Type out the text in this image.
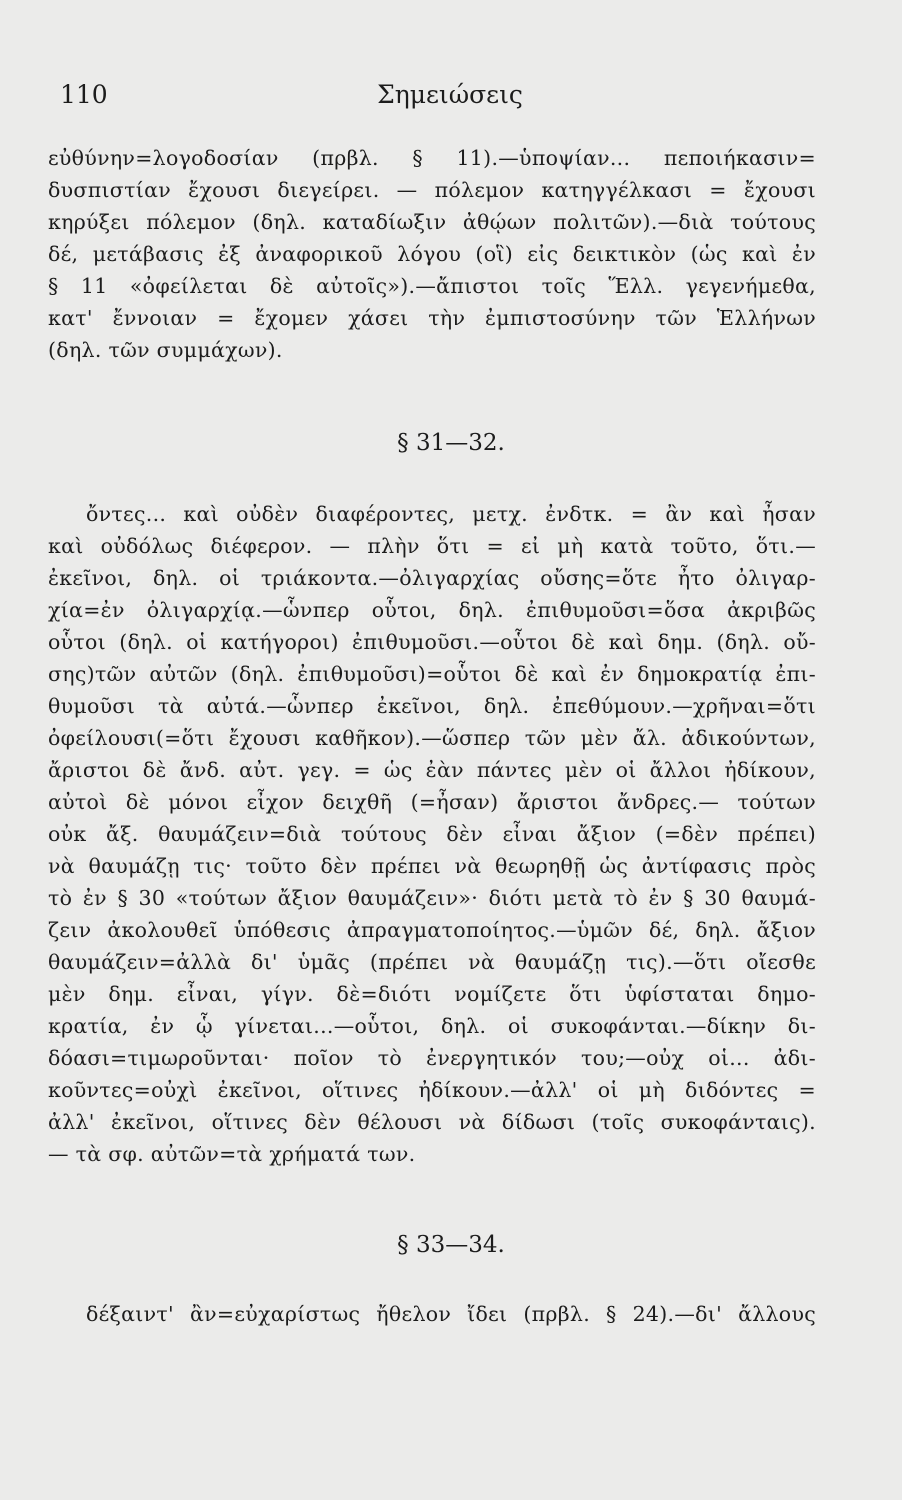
110	Σημειώσεις
εὐθύνην=λογοδοσίαν (πρβλ. § 11).—ὑποψίαν... πεποιήκασιν=
δυσπιστίαν ἔχουσι διεγείρει. — πόλεμον κατηγγέλκασι = ἔχουσι
κηρύξει πόλεμον (δηλ. καταδίωξιν ἀθῴων πολιτῶν).—διὰ τούτους
δέ, μετάβασις ἐξ ἀναφορικοῦ λόγου (οἳ) εἰς δεικτικὸν (ὡς καὶ ἐν
§ 11 «ὀφείλεται δὲ αὐτοῖς»).—ἄπιστοι τοῖς Ἕλλ. γεγενήμεθα,
κατ' ἔννοιαν = ἔχομεν χάσει τὴν ἐμπιστοσύνην τῶν Ἑλλήνων
(δηλ. τῶν συμμάχων).
§ 31—32.
ὄντες... καὶ οὐδὲν διαφέροντες, μετχ. ἐνδτκ. = ἂν καὶ ἦσαν
καὶ οὐδόλως διέφερον. — πλὴν ὅτι = εἰ μὴ κατὰ τοῦτο, ὅτι.—
ἐκεῖνοι, δηλ. οἱ τριάκοντα.—ὀλιγαρχίας οὔσης=ὅτε ἦτο ὀλιγαρ-
χία=ἐν ὀλιγαρχίᾳ.—ὧνπερ οὗτοι, δηλ. ἐπιθυμοῦσι=ὅσα ἀκριβῶς
οὗτοι (δηλ. οἱ κατήγοροι) ἐπιθυμοῦσι.—οὗτοι δὲ καὶ δημ. (δηλ. οὔ-
σης)τῶν αὐτῶν (δηλ. ἐπιθυμοῦσι)=οὗτοι δὲ καὶ ἐν δημοκρατίᾳ ἐπι-
θυμοῦσι τὰ αὐτά.—ὧνπερ ἐκεῖνοι, δηλ. ἐπεθύμουν.—χρῆναι=ὅτι
ὀφείλουσι(=ὅτι ἔχουσι καθῆκον).—ὥσπερ τῶν μὲν ἄλ. ἀδικούντων,
ἄριστοι δὲ ἄνδ. αὐτ. γεγ. = ὡς ἐὰν πάντες μὲν οἱ ἄλλοι ἠδίκουν,
αὐτοὶ δὲ μόνοι εἶχον δειχθῆ (=ἦσαν) ἄριστοι ἄνδρες.— τούτων
οὐκ ἄξ. θαυμάζειν=διὰ τούτους δὲν εἶναι ἄξιον (=δὲν πρέπει)
νὰ θαυμάζῃ τις· τοῦτο δὲν πρέπει νὰ θεωρηθῇ ὡς ἀντίφασις πρὸς
τὸ ἐν § 30 «τούτων ἄξιον θαυμάζειν»· διότι μετὰ τὸ ἐν § 30 θαυμά-
ζειν ἀκολουθεῖ ὑπόθεσις ἀπραγματοποίητος.—ὑμῶν δέ, δηλ. ἄξιον
θαυμάζειν=ἀλλὰ δι' ὑμᾶς (πρέπει νὰ θαυμάζῃ τις).—ὅτι οἴεσθε
μὲν δημ. εἶναι, γίγν. δὲ=διότι νομίζετε ὅτι ὑφίσταται δημο-
κρατία, ἐν ᾧ γίνεται...—οὗτοι, δηλ. οἱ συκοφάνται.—δίκην δι-
δόασι=τιμωροῦνται· ποῖον τὸ ἐνεργητικόν του;—οὐχ οἱ... ἀδι-
κοῦντες=οὐχὶ ἐκεῖνοι, οἵτινες ἠδίκουν.—ἀλλ' οἱ μὴ διδόντες =
ἀλλ' ἐκεῖνοι, οἵτινες δὲν θέλουσι νὰ δίδωσι (τοῖς συκοφάνταις).
— τὰ σφ. αὐτῶν=τὰ χρήματά των.
§ 33—34.
δέξαιντ' ἂν=εὐχαρίστως ἤθελον ἴδει (πρβλ. § 24).—δι' ἄλλους
